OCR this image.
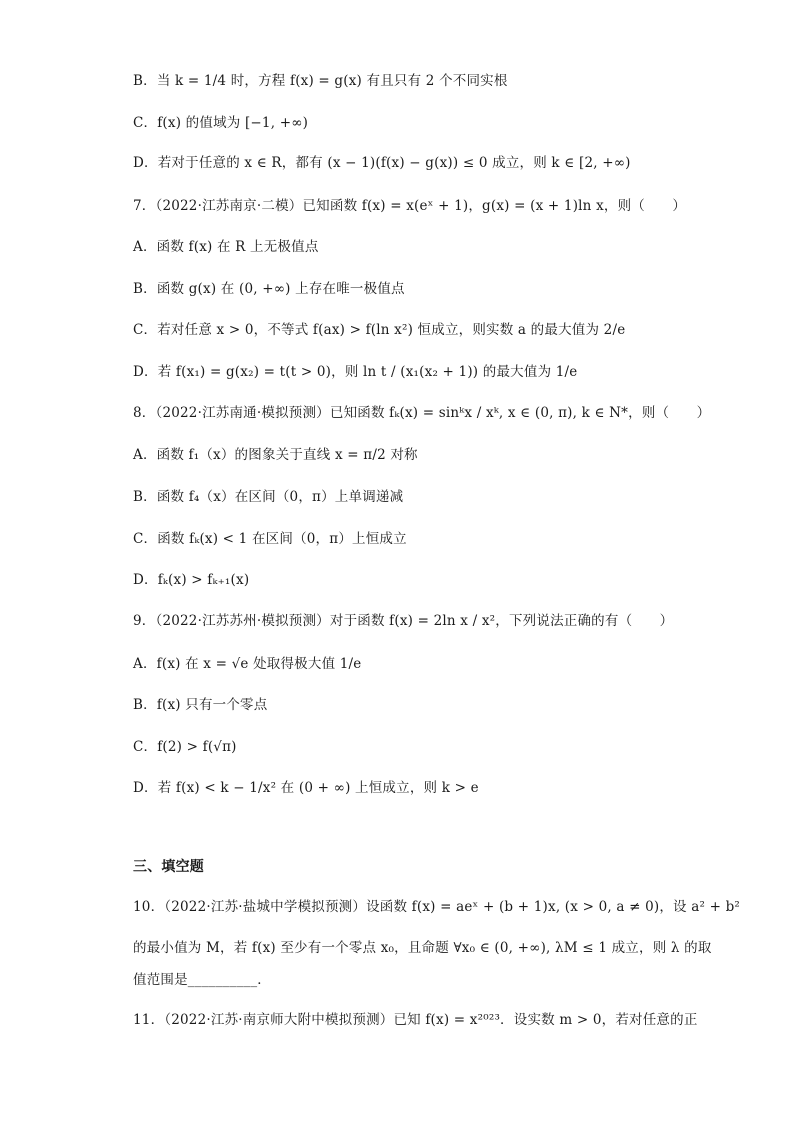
B．当 k = 1/4 时，方程 f(x) = g(x) 有且只有 2 个不同实根
C．f(x) 的值域为 [−1, +∞)
D．若对于任意的 x ∈ R，都有 (x − 1)(f(x) − g(x)) ≤ 0 成立，则 k ∈ [2, +∞)
7．（2022·江苏南京·二模）已知函数 f(x) = x(eˣ + 1)，g(x) = (x + 1)ln x，则（　　）
A．函数 f(x) 在 R 上无极值点
B．函数 g(x) 在 (0, +∞) 上存在唯一极值点
C．若对任意 x > 0，不等式 f(ax) > f(ln x²) 恒成立，则实数 a 的最大值为 2/e
D．若 f(x₁) = g(x₂) = t(t > 0)，则 ln t / (x₁(x₂ + 1)) 的最大值为 1/e
8．（2022·江苏南通·模拟预测）已知函数 fₖ(x) = sinᵏx / xᵏ, x ∈ (0, π), k ∈ N*，则（　　）
A．函数 f₁（x）的图象关于直线 x = π/2 对称
B．函数 f₄（x）在区间（0，π）上单调递减
C．函数 fₖ(x) < 1 在区间（0，π）上恒成立
D．fₖ(x) > fₖ₊₁(x)
9．（2022·江苏苏州·模拟预测）对于函数 f(x) = 2ln x / x²，下列说法正确的有（　　）
A．f(x) 在 x = √e 处取得极大值 1/e
B．f(x) 只有一个零点
C．f(2) > f(√π)
D．若 f(x) < k − 1/x² 在 (0 + ∞) 上恒成立，则 k > e
三、填空题
10．（2022·江苏·盐城中学模拟预测）设函数 f(x) = aeˣ + (b + 1)x, (x > 0, a ≠ 0)，设 a² + b²
的最小值为 M，若 f(x) 至少有一个零点 x₀，且命题 ∀x₀ ∈ (0, +∞), λM ≤ 1 成立，则 λ 的取
值范围是__________．
11．（2022·江苏·南京师大附中模拟预测）已知 f(x) = x²⁰²³．设实数 m > 0，若对任意的正
